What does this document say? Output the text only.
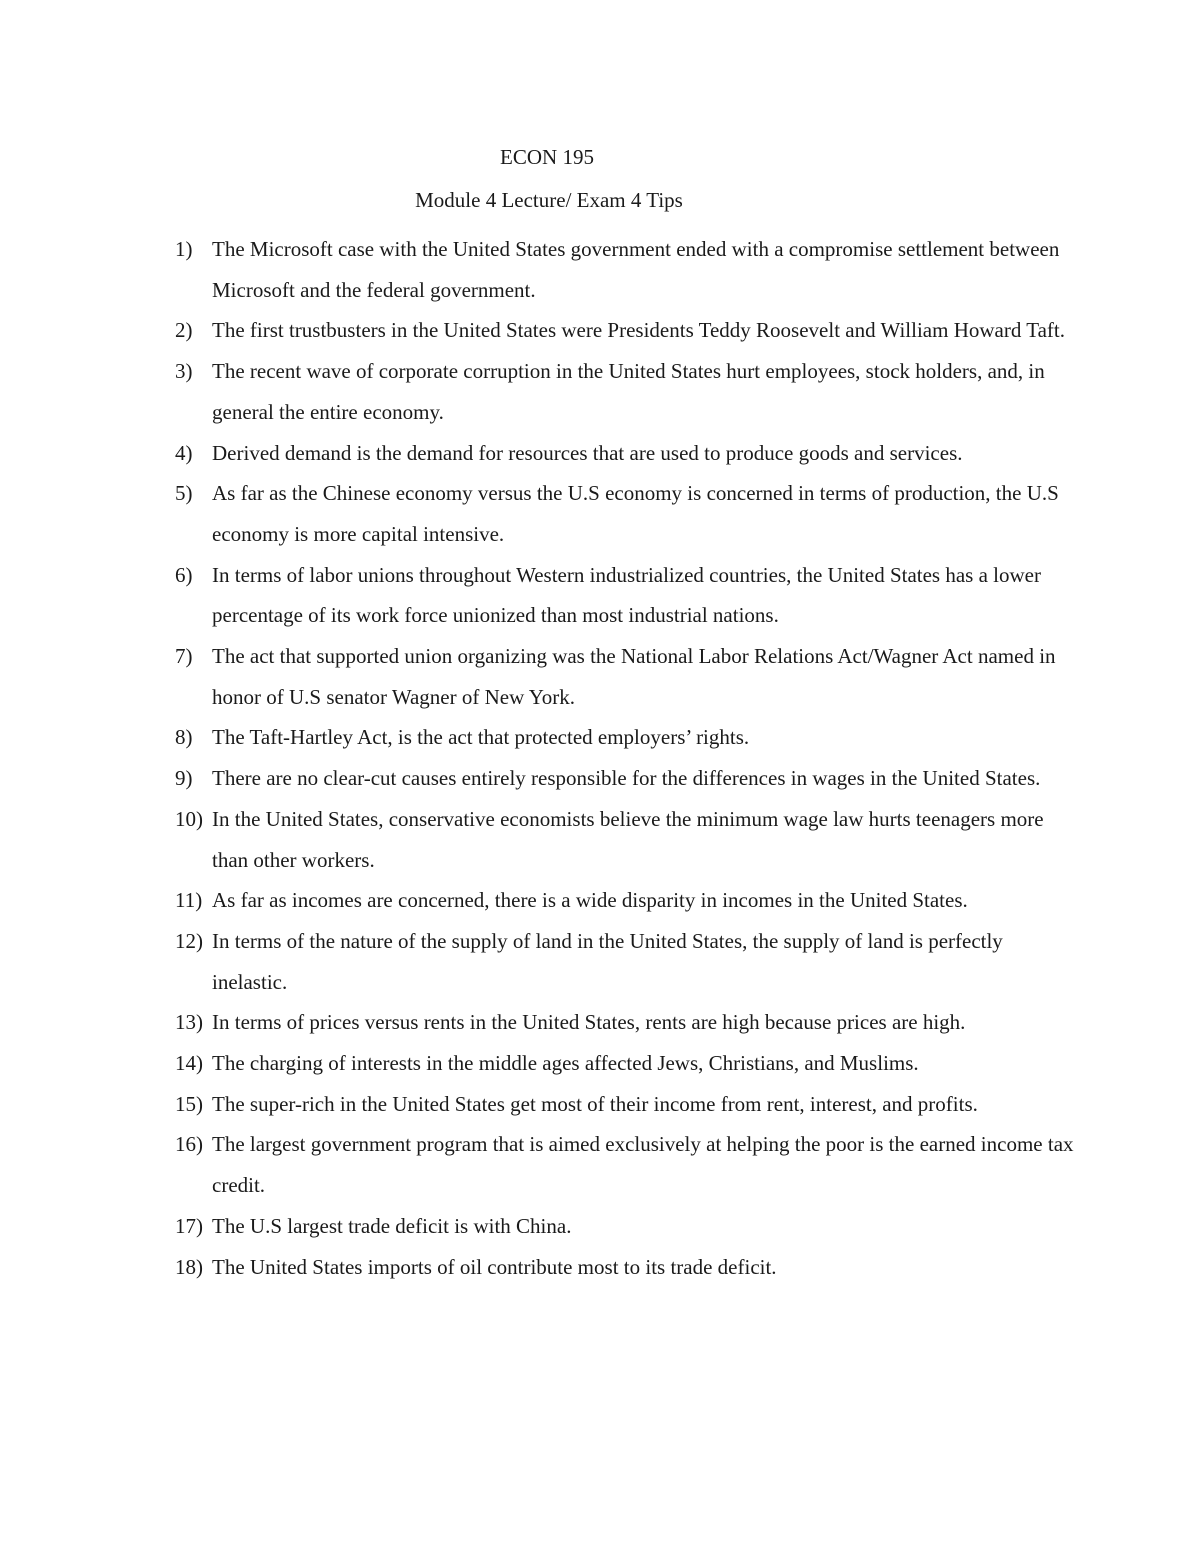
ECON 195
Module 4 Lecture/ Exam 4 Tips
1) The Microsoft case with the United States government ended with a compromise settlement between Microsoft and the federal government.
2) The first trustbusters in the United States were Presidents Teddy Roosevelt and William Howard Taft.
3) The recent wave of corporate corruption in the United States hurt employees, stock holders, and, in general the entire economy.
4) Derived demand is the demand for resources that are used to produce goods and services.
5) As far as the Chinese economy versus the U.S economy is concerned in terms of production, the U.S economy is more capital intensive.
6) In terms of labor unions throughout Western industrialized countries, the United States has a lower percentage of its work force unionized than most industrial nations.
7) The act that supported union organizing was the National Labor Relations Act/Wagner Act named in honor of U.S senator Wagner of New York.
8) The Taft-Hartley Act, is the act that protected employers’ rights.
9) There are no clear-cut causes entirely responsible for the differences in wages in the United States.
10) In the United States, conservative economists believe the minimum wage law hurts teenagers more than other workers.
11) As far as incomes are concerned, there is a wide disparity in incomes in the United States.
12) In terms of the nature of the supply of land in the United States, the supply of land is perfectly inelastic.
13) In terms of prices versus rents in the United States, rents are high because prices are high.
14) The charging of interests in the middle ages affected Jews, Christians, and Muslims.
15) The super-rich in the United States get most of their income from rent, interest, and profits.
16) The largest government program that is aimed exclusively at helping the poor is the earned income tax credit.
17) The U.S largest trade deficit is with China.
18) The United States imports of oil contribute most to its trade deficit.
